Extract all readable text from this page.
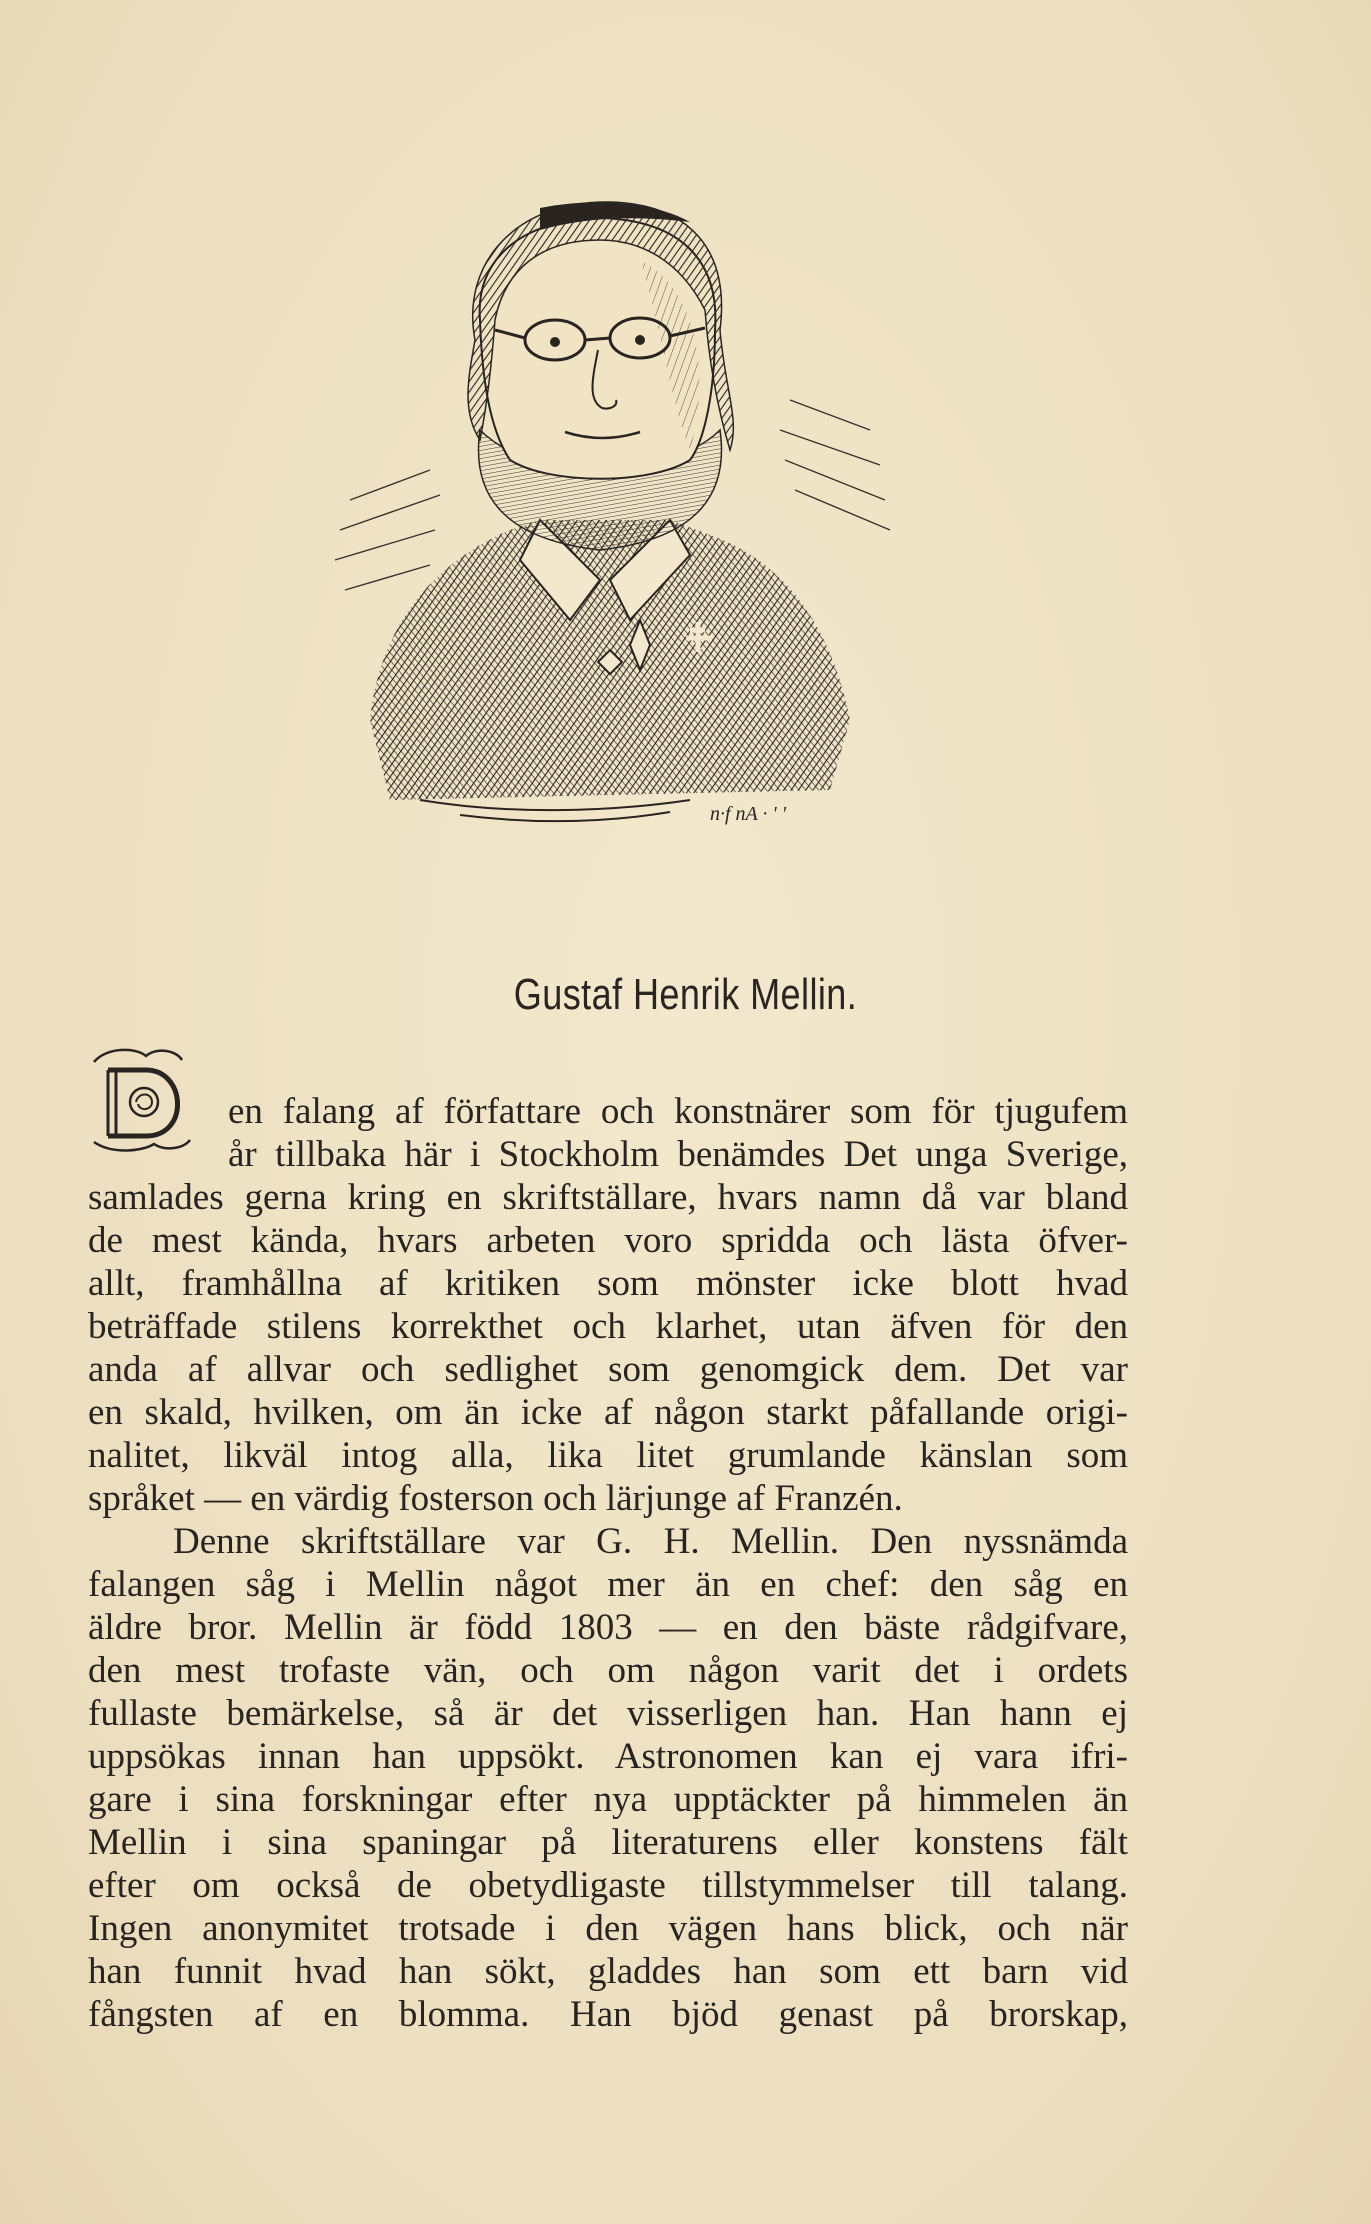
n·f nA · ' '
Gustaf Henrik Mellin.
en falang af författare och konstnärer som för tjugufem
år tillbaka här i Stockholm benämdes Det unga Sverige,
samlades gerna kring en skriftställare, hvars namn då var bland
de mest kända, hvars arbeten voro spridda och lästa öfver-
allt, framhållna af kritiken som mönster icke blott hvad
beträffade stilens korrekthet och klarhet, utan äfven för den
anda af allvar och sedlighet som genomgick dem. Det var
en skald, hvilken, om än icke af någon starkt påfallande origi-
nalitet, likväl intog alla, lika litet grumlande känslan som
språket — en värdig fosterson och lärjunge af Franzén.
Denne skriftställare var G. H. Mellin. Den nyssnämda
falangen såg i Mellin något mer än en chef: den såg en
äldre bror. Mellin är född 1803 — en den bäste rådgifvare,
den mest trofaste vän, och om någon varit det i ordets
fullaste bemärkelse, så är det visserligen han. Han hann ej
uppsökas innan han uppsökt. Astronomen kan ej vara ifri-
gare i sina forskningar efter nya upptäckter på himmelen än
Mellin i sina spaningar på literaturens eller konstens fält
efter om också de obetydligaste tillstymmelser till talang.
Ingen anonymitet trotsade i den vägen hans blick, och när
han funnit hvad han sökt, gladdes han som ett barn vid
fångsten af en blomma. Han bjöd genast på brorskap,
